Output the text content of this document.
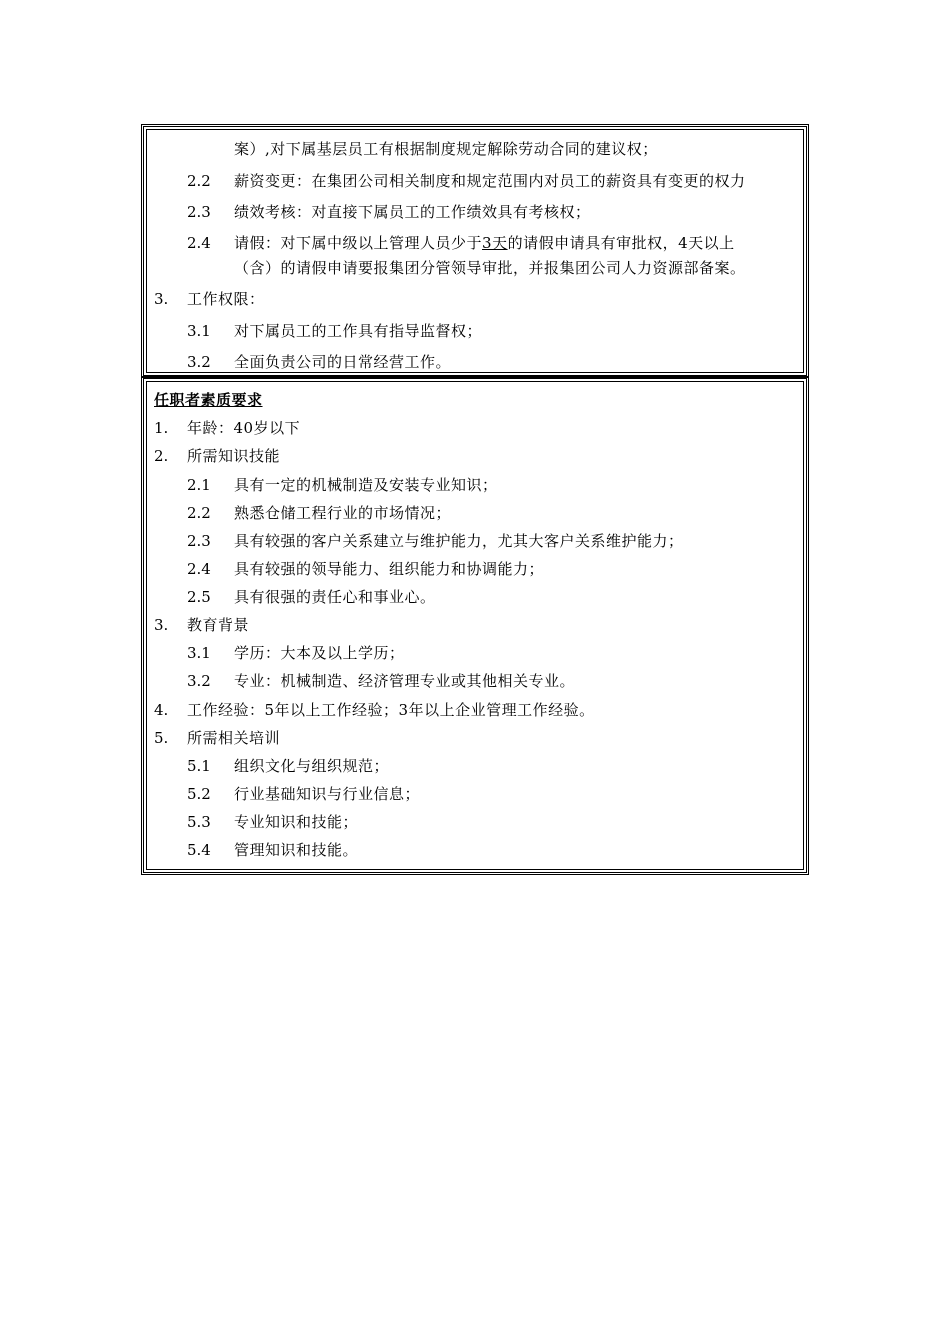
案）,对下属基层员工有根据制度规定解除劳动合同的建议权；
2.2 薪资变更：在集团公司相关制度和规定范围内对员工的薪资具有变更的权力
2.3 绩效考核：对直接下属员工的工作绩效具有考核权；
2.4 请假：对下属中级以上管理人员少于3天的请假申请具有审批权，4天以上
（含）的请假申请要报集团分管领导审批，并报集团公司人力资源部备案。
3. 工作权限：
3.1 对下属员工的工作具有指导监督权；
3.2 全面负责公司的日常经营工作。
任职者素质要求
1. 年龄：40岁以下
2. 所需知识技能
2.1 具有一定的机械制造及安装专业知识；
2.2 熟悉仓储工程行业的市场情况；
2.3 具有较强的客户关系建立与维护能力，尤其大客户关系维护能力；
2.4 具有较强的领导能力、组织能力和协调能力；
2.5 具有很强的责任心和事业心。
3. 教育背景
3.1 学历：大本及以上学历；
3.2 专业：机械制造、经济管理专业或其他相关专业。
4. 工作经验：5年以上工作经验；3年以上企业管理工作经验。
5. 所需相关培训
5.1 组织文化与组织规范；
5.2 行业基础知识与行业信息；
5.3 专业知识和技能；
5.4 管理知识和技能。
